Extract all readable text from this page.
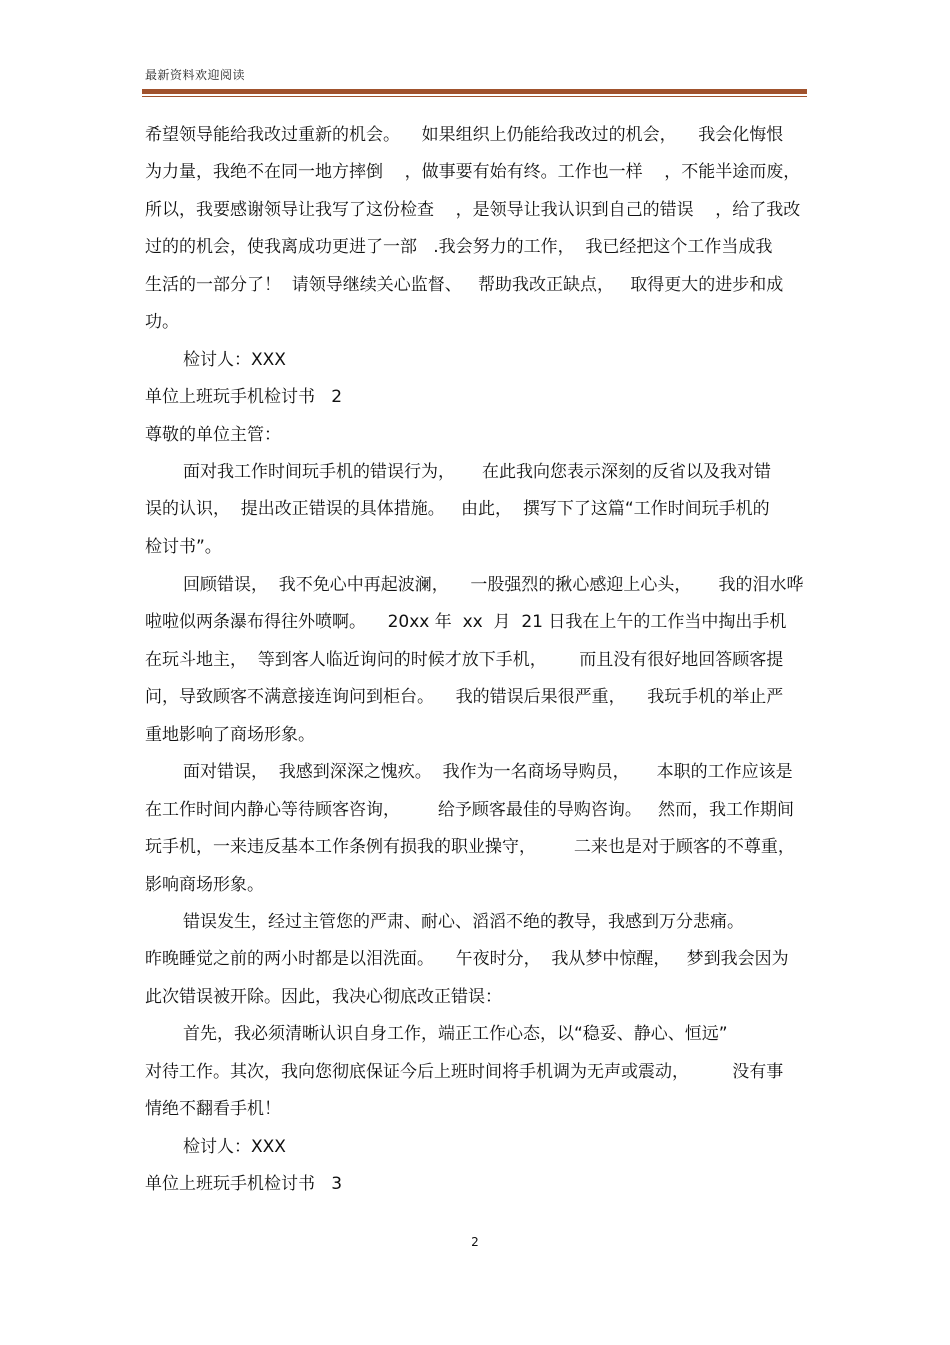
最新资料欢迎阅读
希望领导能给我改过重新的机会。    如果组织上仍能给我改过的机会，    我会化悔恨
为力量，我绝不在同一地方摔倒    ，做事要有始有终。工作也一样    ，不能半途而废，
所以，我要感谢领导让我写了这份检查    ，是领导让我认识到自己的错误    ，给了我改
过的的机会，使我离成功更进了一部   .我会努力的工作，  我已经把这个工作当成我
生活的一部分了！  请领导继续关心监督、   帮助我改正缺点，   取得更大的进步和成
功。
检讨人：XXX
单位上班玩手机检讨书   2
尊敬的单位主管：
面对我工作时间玩手机的错误行为，     在此我向您表示深刻的反省以及我对错
误的认识，  提出改正错误的具体措施。   由此，  撰写下了这篇“工作时间玩手机的
检讨书”。
回顾错误，  我不免心中再起波澜，    一股强烈的揪心感迎上心头，     我的泪水哗
啦啦似两条瀑布得往外喷啊。    20xx 年  xx  月  21 日我在上午的工作当中掏出手机
在玩斗地主，  等到客人临近询问的时候才放下手机，      而且没有很好地回答顾客提
问，导致顾客不满意接连询问到柜台。    我的错误后果很严重，    我玩手机的举止严
重地影响了商场形象。
面对错误，  我感到深深之愧疚。  我作为一名商场导购员，     本职的工作应该是
在工作时间内静心等待顾客咨询，       给予顾客最佳的导购咨询。   然而，我工作期间
玩手机，一来违反基本工作条例有损我的职业操守，       二来也是对于顾客的不尊重，
影响商场形象。
错误发生，经过主管您的严肃、耐心、滔滔不绝的教导，我感到万分悲痛。
昨晚睡觉之前的两小时都是以泪洗面。    午夜时分，  我从梦中惊醒，   梦到我会因为
此次错误被开除。因此，我决心彻底改正错误：
首先，我必须清晰认识自身工作，端正工作心态，以“稳妥、静心、恒远”
对待工作。其次，我向您彻底保证今后上班时间将手机调为无声或震动，        没有事
情绝不翻看手机！
检讨人：XXX
单位上班玩手机检讨书   3
2
